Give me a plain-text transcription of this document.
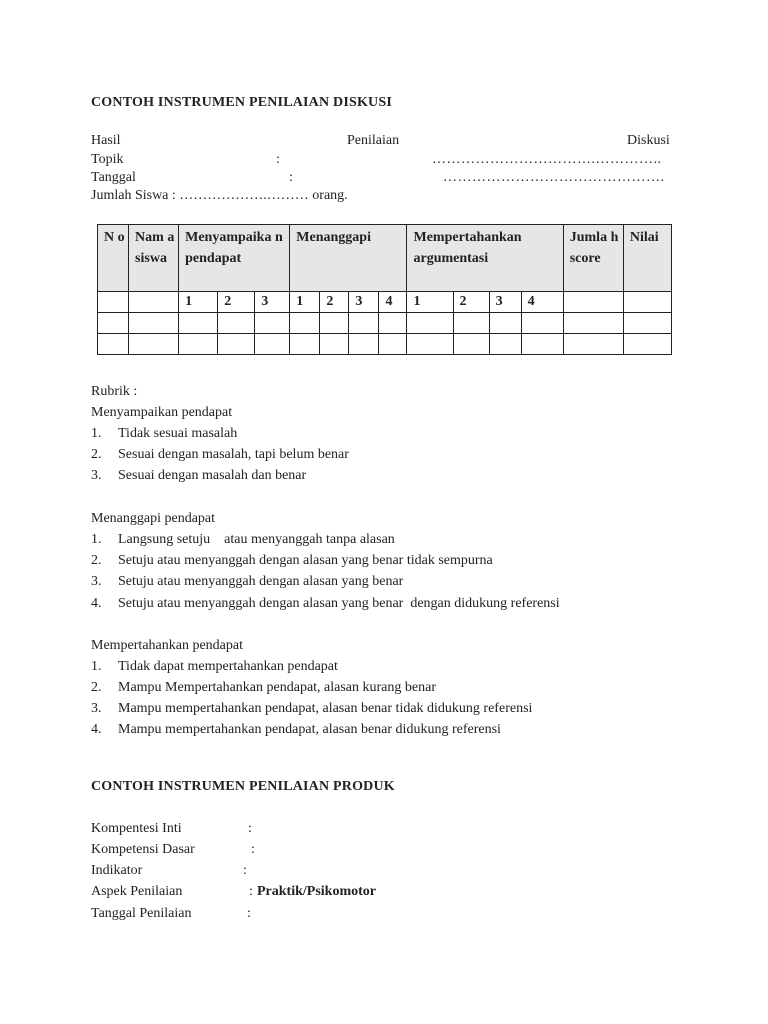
CONTOH INSTRUMEN PENILAIAN DISKUSI
Hasil	Penilaian	Diskusi
Topik	:	…………………………….…………..
Tanggal	:	……………………………………….
Jumlah Siswa : ……………….……… orang.
N o	Nam a siswa	Menyampaika n pendapat			Menanggapi				Mempertahankan argumentasi				Jumla h score	Nilai

		1	2	3	1	2	3	4	1	2	3	4		

Rubrik :
Menyampaikan pendapat
1. Tidak sesuai masalah
2. Sesuai dengan masalah, tapi belum benar
3. Sesuai dengan masalah dan benar
Menanggapi pendapat
1. Langsung setuju    atau menyanggah tanpa alasan
2. Setuju atau menyanggah dengan alasan yang benar tidak sempurna
3. Setuju atau menyanggah dengan alasan yang benar
4. Setuju atau menyanggah dengan alasan yang benar  dengan didukung referensi
Mempertahankan pendapat
1. Tidak dapat mempertahankan pendapat
2. Mampu Mempertahankan pendapat, alasan kurang benar
3. Mampu mempertahankan pendapat, alasan benar tidak didukung referensi
4. Mampu mempertahankan pendapat, alasan benar didukung referensi
CONTOH INSTRUMEN PENILAIAN PRODUK
Kompentesi Inti	:
Kompetensi Dasar	:
Indikator	:
Aspek Penilaian	: Praktik/Psikomotor
Tanggal Penilaian	:
